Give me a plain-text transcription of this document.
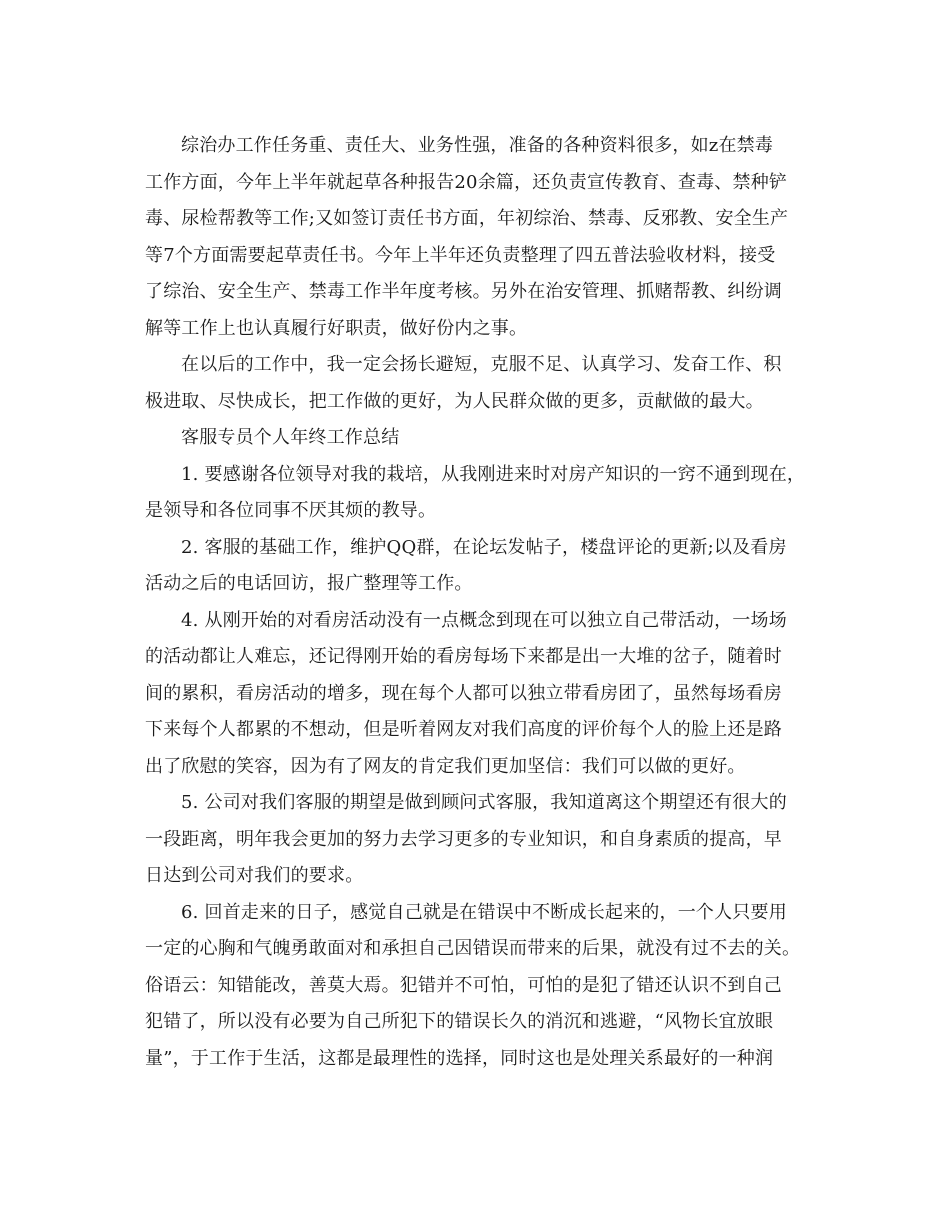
综治办工作任务重、责任大、业务性强，准备的各种资料很多，如z在禁毒
工作方面，今年上半年就起草各种报告20余篇，还负责宣传教育、查毒、禁种铲
毒、尿检帮教等工作;又如签订责任书方面，年初综治、禁毒、反邪教、安全生产
等7个方面需要起草责任书。今年上半年还负责整理了四五普法验收材料，接受
了综治、安全生产、禁毒工作半年度考核。另外在治安管理、抓赌帮教、纠纷调
解等工作上也认真履行好职责，做好份内之事。
在以后的工作中，我一定会扬长避短，克服不足、认真学习、发奋工作、积
极进取、尽快成长，把工作做的更好，为人民群众做的更多，贡献做的最大。
客服专员个人年终工作总结
1. 要感谢各位领导对我的栽培，从我刚进来时对房产知识的一窍不通到现在，
是领导和各位同事不厌其烦的教导。
2. 客服的基础工作，维护QQ群，在论坛发帖子，楼盘评论的更新;以及看房
活动之后的电话回访，报广整理等工作。
4. 从刚开始的对看房活动没有一点概念到现在可以独立自己带活动，一场场
的活动都让人难忘，还记得刚开始的看房每场下来都是出一大堆的岔子，随着时
间的累积，看房活动的增多，现在每个人都可以独立带看房团了，虽然每场看房
下来每个人都累的不想动，但是听着网友对我们高度的评价每个人的脸上还是路
出了欣慰的笑容，因为有了网友的肯定我们更加坚信：我们可以做的更好。
5. 公司对我们客服的期望是做到顾问式客服，我知道离这个期望还有很大的
一段距离，明年我会更加的努力去学习更多的专业知识，和自身素质的提高，早
日达到公司对我们的要求。
6. 回首走来的日子，感觉自己就是在错误中不断成长起来的，一个人只要用
一定的心胸和气魄勇敢面对和承担自己因错误而带来的后果，就没有过不去的关。
俗语云：知错能改，善莫大焉。犯错并不可怕，可怕的是犯了错还认识不到自己
犯错了，所以没有必要为自己所犯下的错误长久的消沉和逃避，“风物长宜放眼
量”，于工作于生活，这都是最理性的选择，同时这也是处理关系最好的一种润
